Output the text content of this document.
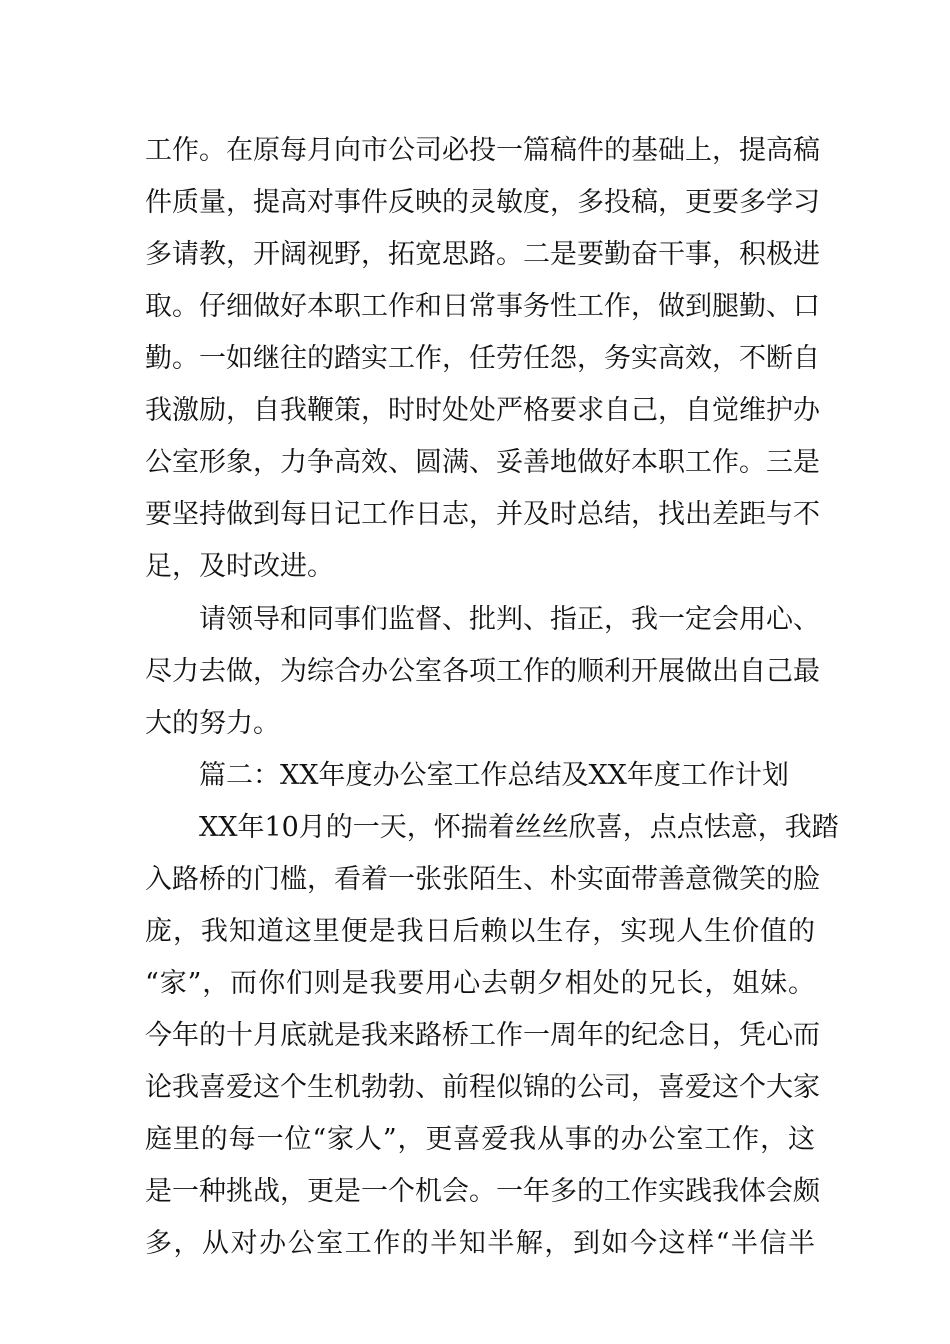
工作。在原每月向市公司必投一篇稿件的基础上，提高稿
件质量，提高对事件反映的灵敏度，多投稿，更要多学习
多请教，开阔视野，拓宽思路。二是要勤奋干事，积极进
取。仔细做好本职工作和日常事务性工作，做到腿勤、口
勤。一如继往的踏实工作，任劳任怨，务实高效，不断自
我激励，自我鞭策，时时处处严格要求自己，自觉维护办
公室形象，力争高效、圆满、妥善地做好本职工作。三是
要坚持做到每日记工作日志，并及时总结，找出差距与不
足，及时改进。
请领导和同事们监督、批判、指正，我一定会用心、
尽力去做，为综合办公室各项工作的顺利开展做出自己最
大的努力。
篇二：XX年度办公室工作总结及XX年度工作计划
XX年10月的一天，怀揣着丝丝欣喜，点点怯意，我踏
入路桥的门槛，看着一张张陌生、朴实面带善意微笑的脸
庞，我知道这里便是我日后赖以生存，实现人生价值的
“家”，而你们则是我要用心去朝夕相处的兄长，姐妹。
今年的十月底就是我来路桥工作一周年的纪念日，凭心而
论我喜爱这个生机勃勃、前程似锦的公司，喜爱这个大家
庭里的每一位“家人”，更喜爱我从事的办公室工作，这
是一种挑战，更是一个机会。一年多的工作实践我体会颇
多，从对办公室工作的半知半解，到如今这样“半信半
